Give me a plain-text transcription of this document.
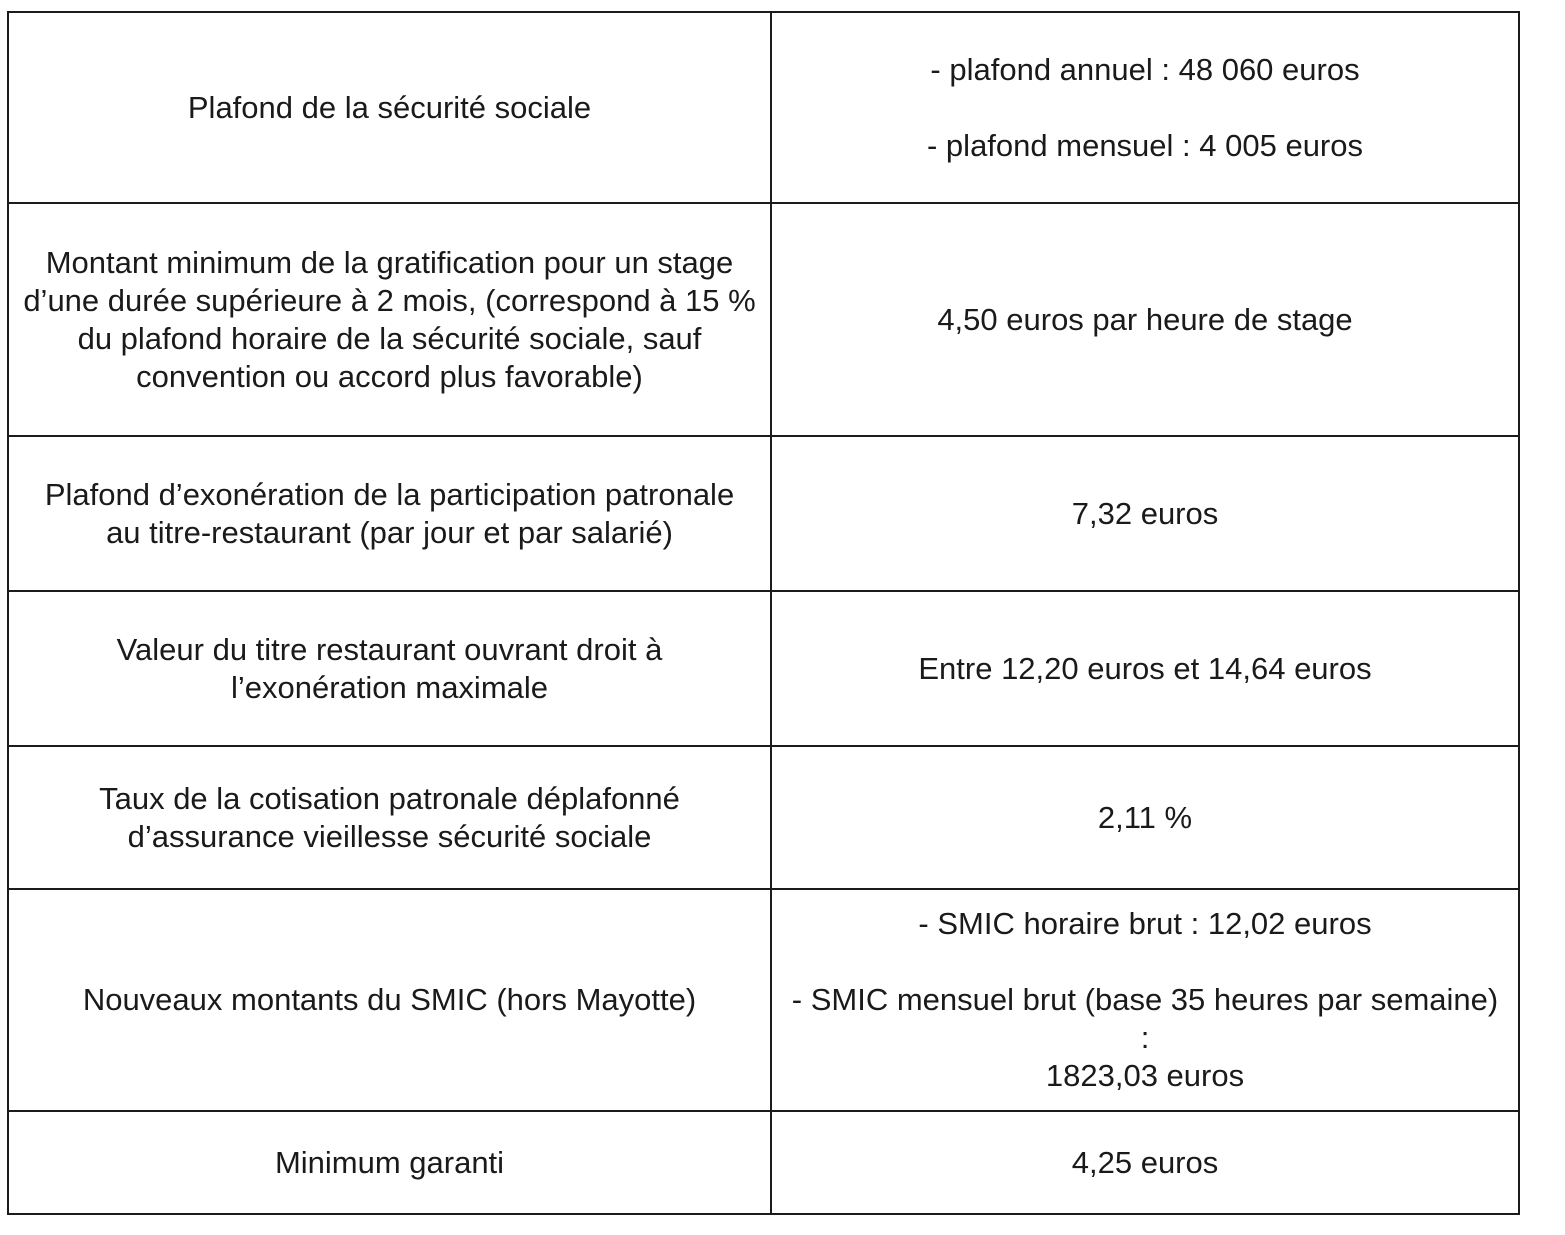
Plafond de la sécurité sociale	- plafond annuel : 48 060 euros

- plafond mensuel : 4 005 euros

Montant minimum de la gratification pour un stage
d’une durée supérieure à 2 mois, (correspond à 15 %
du plafond horaire de la sécurité sociale, sauf
convention ou accord plus favorable)	4,50 euros par heure de stage

Plafond d’exonération de la participation patronale
au titre-restaurant (par jour et par salarié)	7,32 euros

Valeur du titre restaurant ouvrant droit à
l’exonération maximale	Entre 12,20 euros et 14,64 euros

Taux de la cotisation patronale déplafonné
d’assurance vieillesse sécurité sociale	2,11 %

Nouveaux montants du SMIC (hors Mayotte)	- SMIC horaire brut : 12,02 euros

- SMIC mensuel brut (base 35 heures par semaine) :
1823,03 euros

Minimum garanti	4,25 euros
